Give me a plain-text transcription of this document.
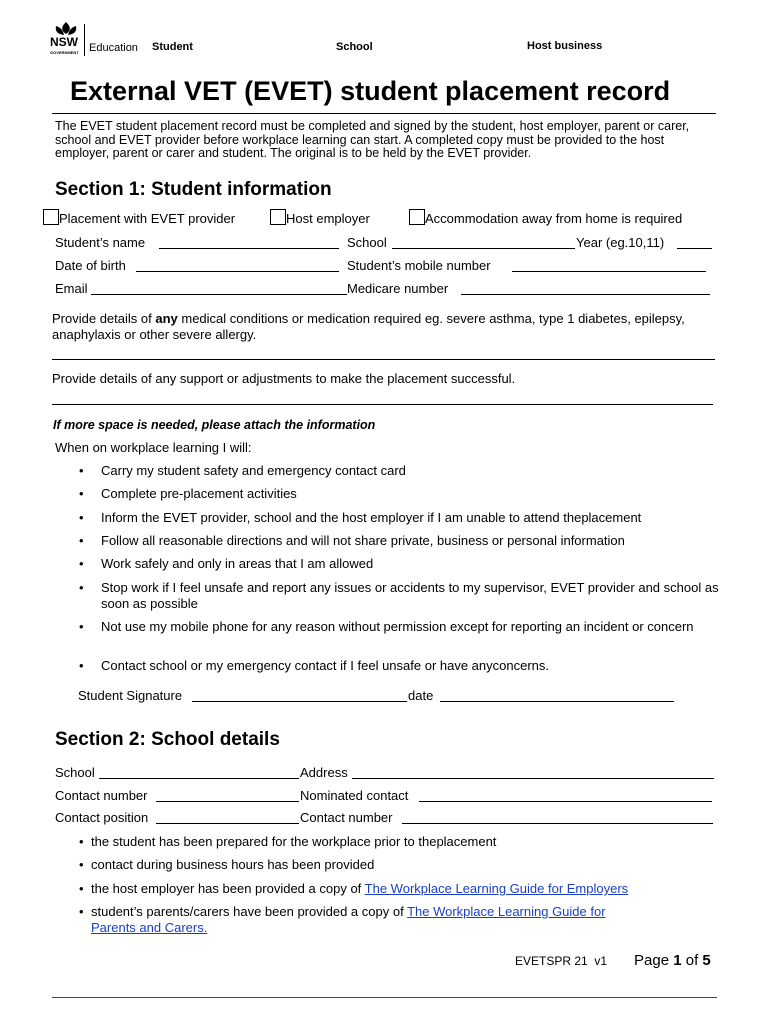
NSW
GOVERNMENT Education Student	School	Host business
External VET (EVET) student placement record
The EVET student placement record must be completed and signed by the student, host employer, parent or carer, school and EVET provider before workplace learning can start. A completed copy must be provided to the host employer, parent or carer and student. The original is to be held by the EVET provider.
Section 1: Student information
Placement with EVET provider	Host employer	Accommodation away from home is required
Student’s name	School	Year (eg.10,11)
Date of birth	Student’s mobile number
Email	Medicare number
Provide details of any medical conditions or medication required eg. severe asthma, type 1 diabetes, epilepsy, anaphylaxis or other severe allergy.
Provide details of any support or adjustments to make the placement successful.
If more space is needed, please attach the information
When on workplace learning I will:
• Carry my student safety and emergency contact card
• Complete pre-placement activities
• Inform the EVET provider, school and the host employer if I am unable to attend theplacement
• Follow all reasonable directions and will not share private, business or personal information
• Work safely and only in areas that I am allowed
• Stop work if I feel unsafe and report any issues or accidents to my supervisor, EVET provider and school as soon as possible
• Not use my mobile phone for any reason without permission except for reporting an incident or concern
• Contact school or my emergency contact if I feel unsafe or have anyconcerns.
Student Signature	date
Section 2: School details
School	Address
Contact number	Nominated contact
Contact position	Contact number
• the student has been prepared for the workplace prior to theplacement
• contact during business hours has been provided
• the host employer has been provided a copy of The Workplace Learning Guide for Employers
• student’s parents/carers have been provided a copy of The Workplace Learning Guide for
Parents and Carers.
EVETSPR 21  v1 Page 1 of 5
